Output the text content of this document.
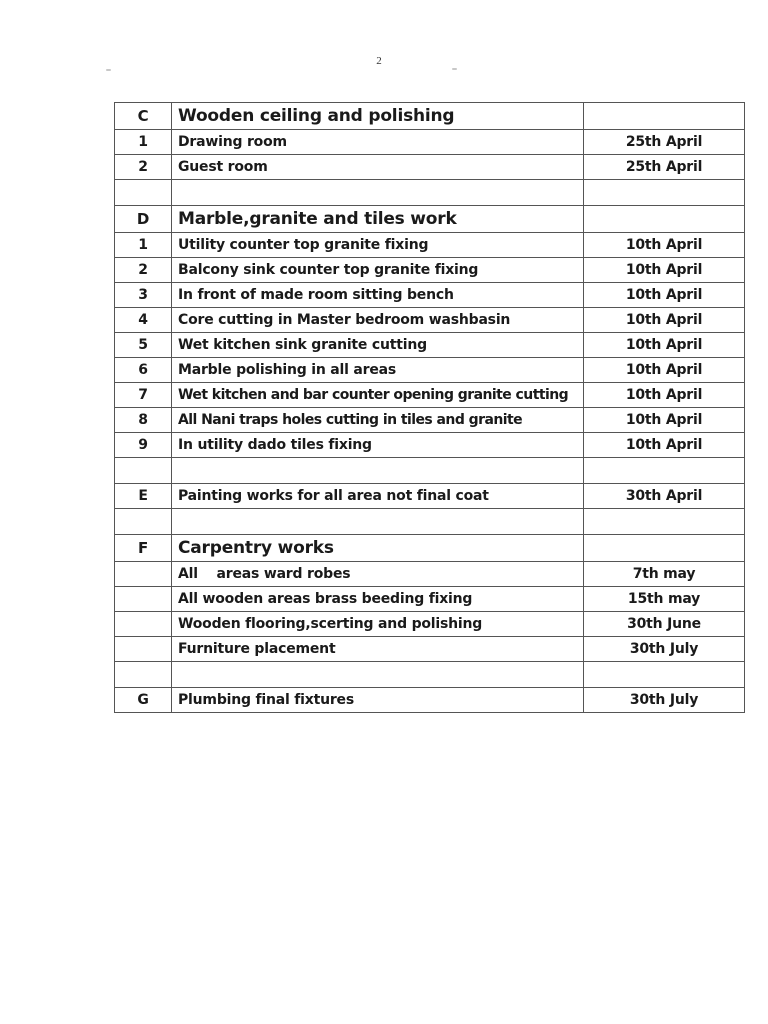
2
C	Wooden ceiling and polishing	
1	Drawing room	25th April
2	Guest room	25th April

D	Marble,granite and tiles work	
1	Utility counter top granite fixing	10th April
2	Balcony sink counter top granite fixing	10th April
3	In front of made room sitting bench	10th April
4	Core cutting in Master bedroom washbasin	10th April
5	Wet kitchen sink granite cutting	10th April
6	Marble polishing in all areas	10th April
7	Wet kitchen and bar counter opening granite cutting	10th April
8	All Nani traps holes cutting in tiles and granite	10th April
9	In utility dado tiles fixing	10th April

E	Painting works for all area not final coat	30th April

F	Carpentry works	
	All    areas ward robes	7th may
	All wooden areas brass beeding fixing	15th may
	Wooden flooring,scerting and polishing	30th June
	Furniture placement	30th July

G	Plumbing final fixtures	30th July
